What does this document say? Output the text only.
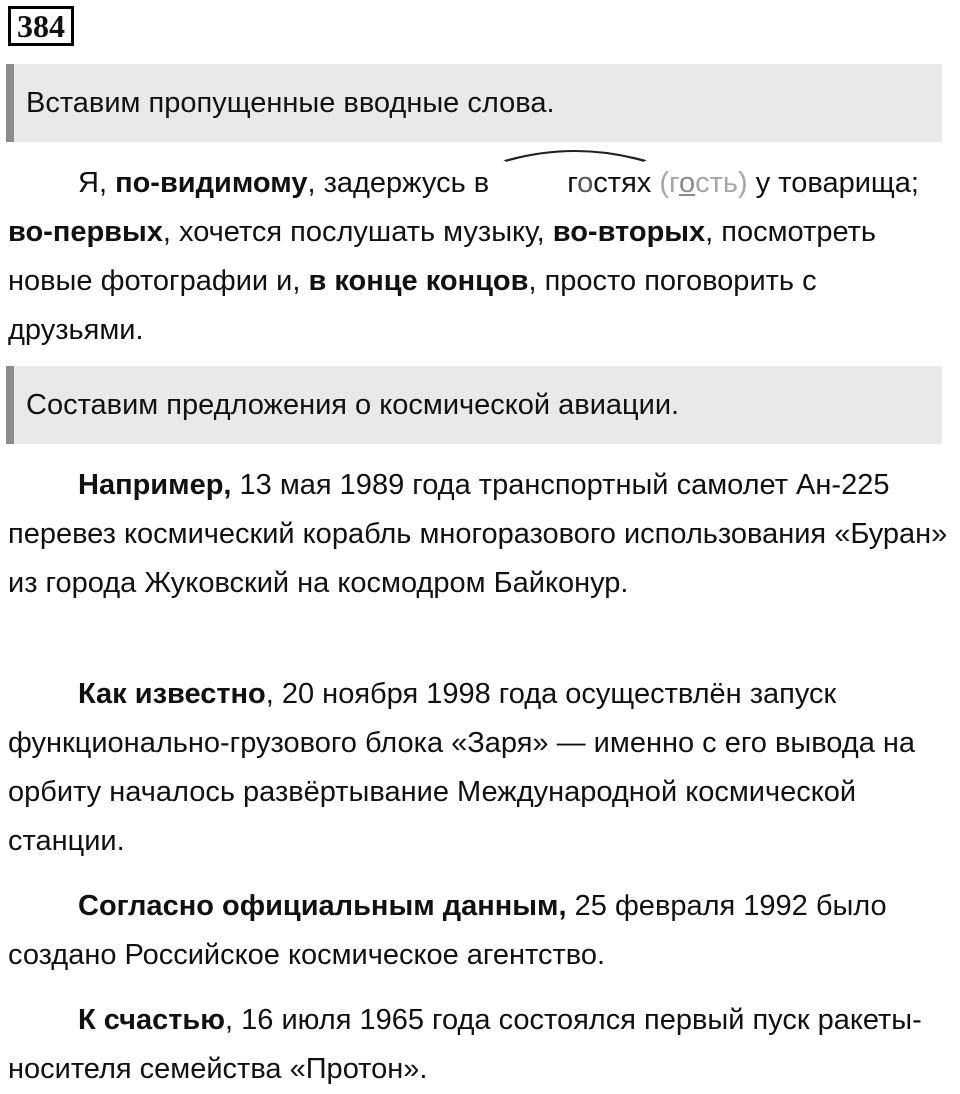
384
Вставим пропущенные вводные слова.

Я, по-видимому, задержусь в
гостях (гость) у товарища; во-первых, хочется послушать музыку, во-вторых, посмотреть новые фотографии и, в конце концов, просто поговорить с друзьями.

Составим предложения о космической авиации.

Например, 13 мая 1989 года транспортный самолет Ан-225 перевез космический корабль многоразового использования «Буран» из города Жуковский на космодром Байконур.

Как известно, 20 ноября 1998 года осуществлён запуск функционально-грузового блока «Заря» — именно с его вывода на орбиту началось развёртывание Международной космической станции.

Согласно официальным данным, 25 февраля 1992 было создано Российское космическое агентство.

К счастью, 16 июля 1965 года состоялся первый пуск ракеты-носителя семейства «Протон».
